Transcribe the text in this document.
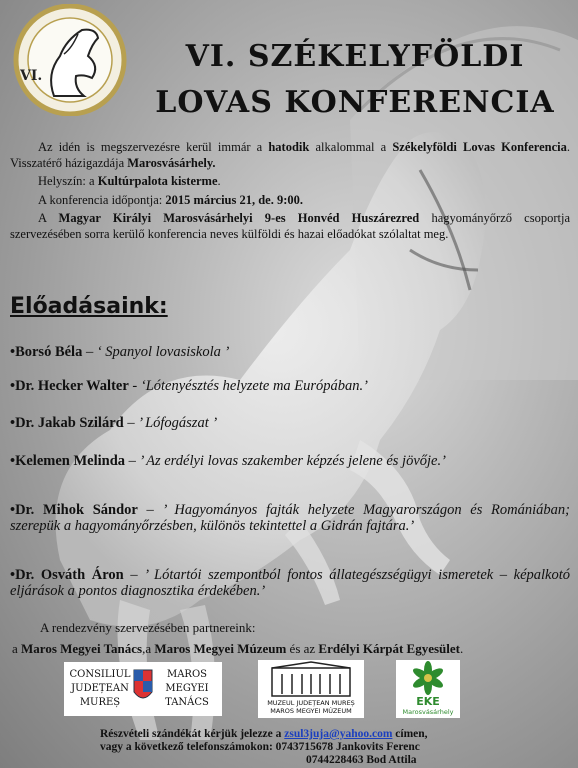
VI.
VI. SZÉKELYFÖLDI
LOVAS KONFERENCIA

Az idén is megszervezésre kerül immár a hatodik alkalommal a Székelyföldi Lovas Konferencia. Visszatérő házigazdája Marosvásárhely.

Helyszín: a Kultúrpalota kisterme.

A konferencia időpontja: 2015 március 21, de. 9:00.

A Magyar Királyi Marosvásárhelyi 9-es Honvéd Huszárezred hagyományőrző csoportja szervezésében sorra kerülő konferencia neves külföldi és hazai előadókat szólaltat meg.

Előadásaink:
•Borsó Béla – ‘ Spanyol lovasiskola ’
•Dr. Hecker Walter - ‘Lótenyésztés helyzete ma Európában.’
•Dr. Jakab Szilárd – ’ Lófogászat ’
•Kelemen Melinda – ’ Az erdélyi lovas szakember képzés jelene és jövője.’
•Dr. Mihok Sándor – ’ Hagyományos fajták helyzete Magyarországon és Romániában; szerepük a hagyományőrzésben, különös tekintettel a Gidrán fajtára.’
•Dr. Osváth Áron – ’ Lótartói szempontból fontos állategészségügyi ismeretek – képalkotó eljárások a pontos diagnosztika érdekében.’
A rendezvény szervezésében partnereink:
a Maros Megyei Tanács,a Maros Megyei Múzeum és az Erdélyi Kárpát Egyesület.
CONSILIUL
JUDEȚEAN
MUREȘ
MAROS
MEGYEI
TANÁCS	MUZEUL JUDEȚEAN MUREȘ
MAROS MEGYEI MÚZEUM
EKE
Marosvásárhely
Részvételi szándékát kérjük jelezze a zsul3juja@yahoo.com címen,
vagy a következő telefonszámokon: 0743715678 Jankovits Ferenc
0744228463 Bod Attila
